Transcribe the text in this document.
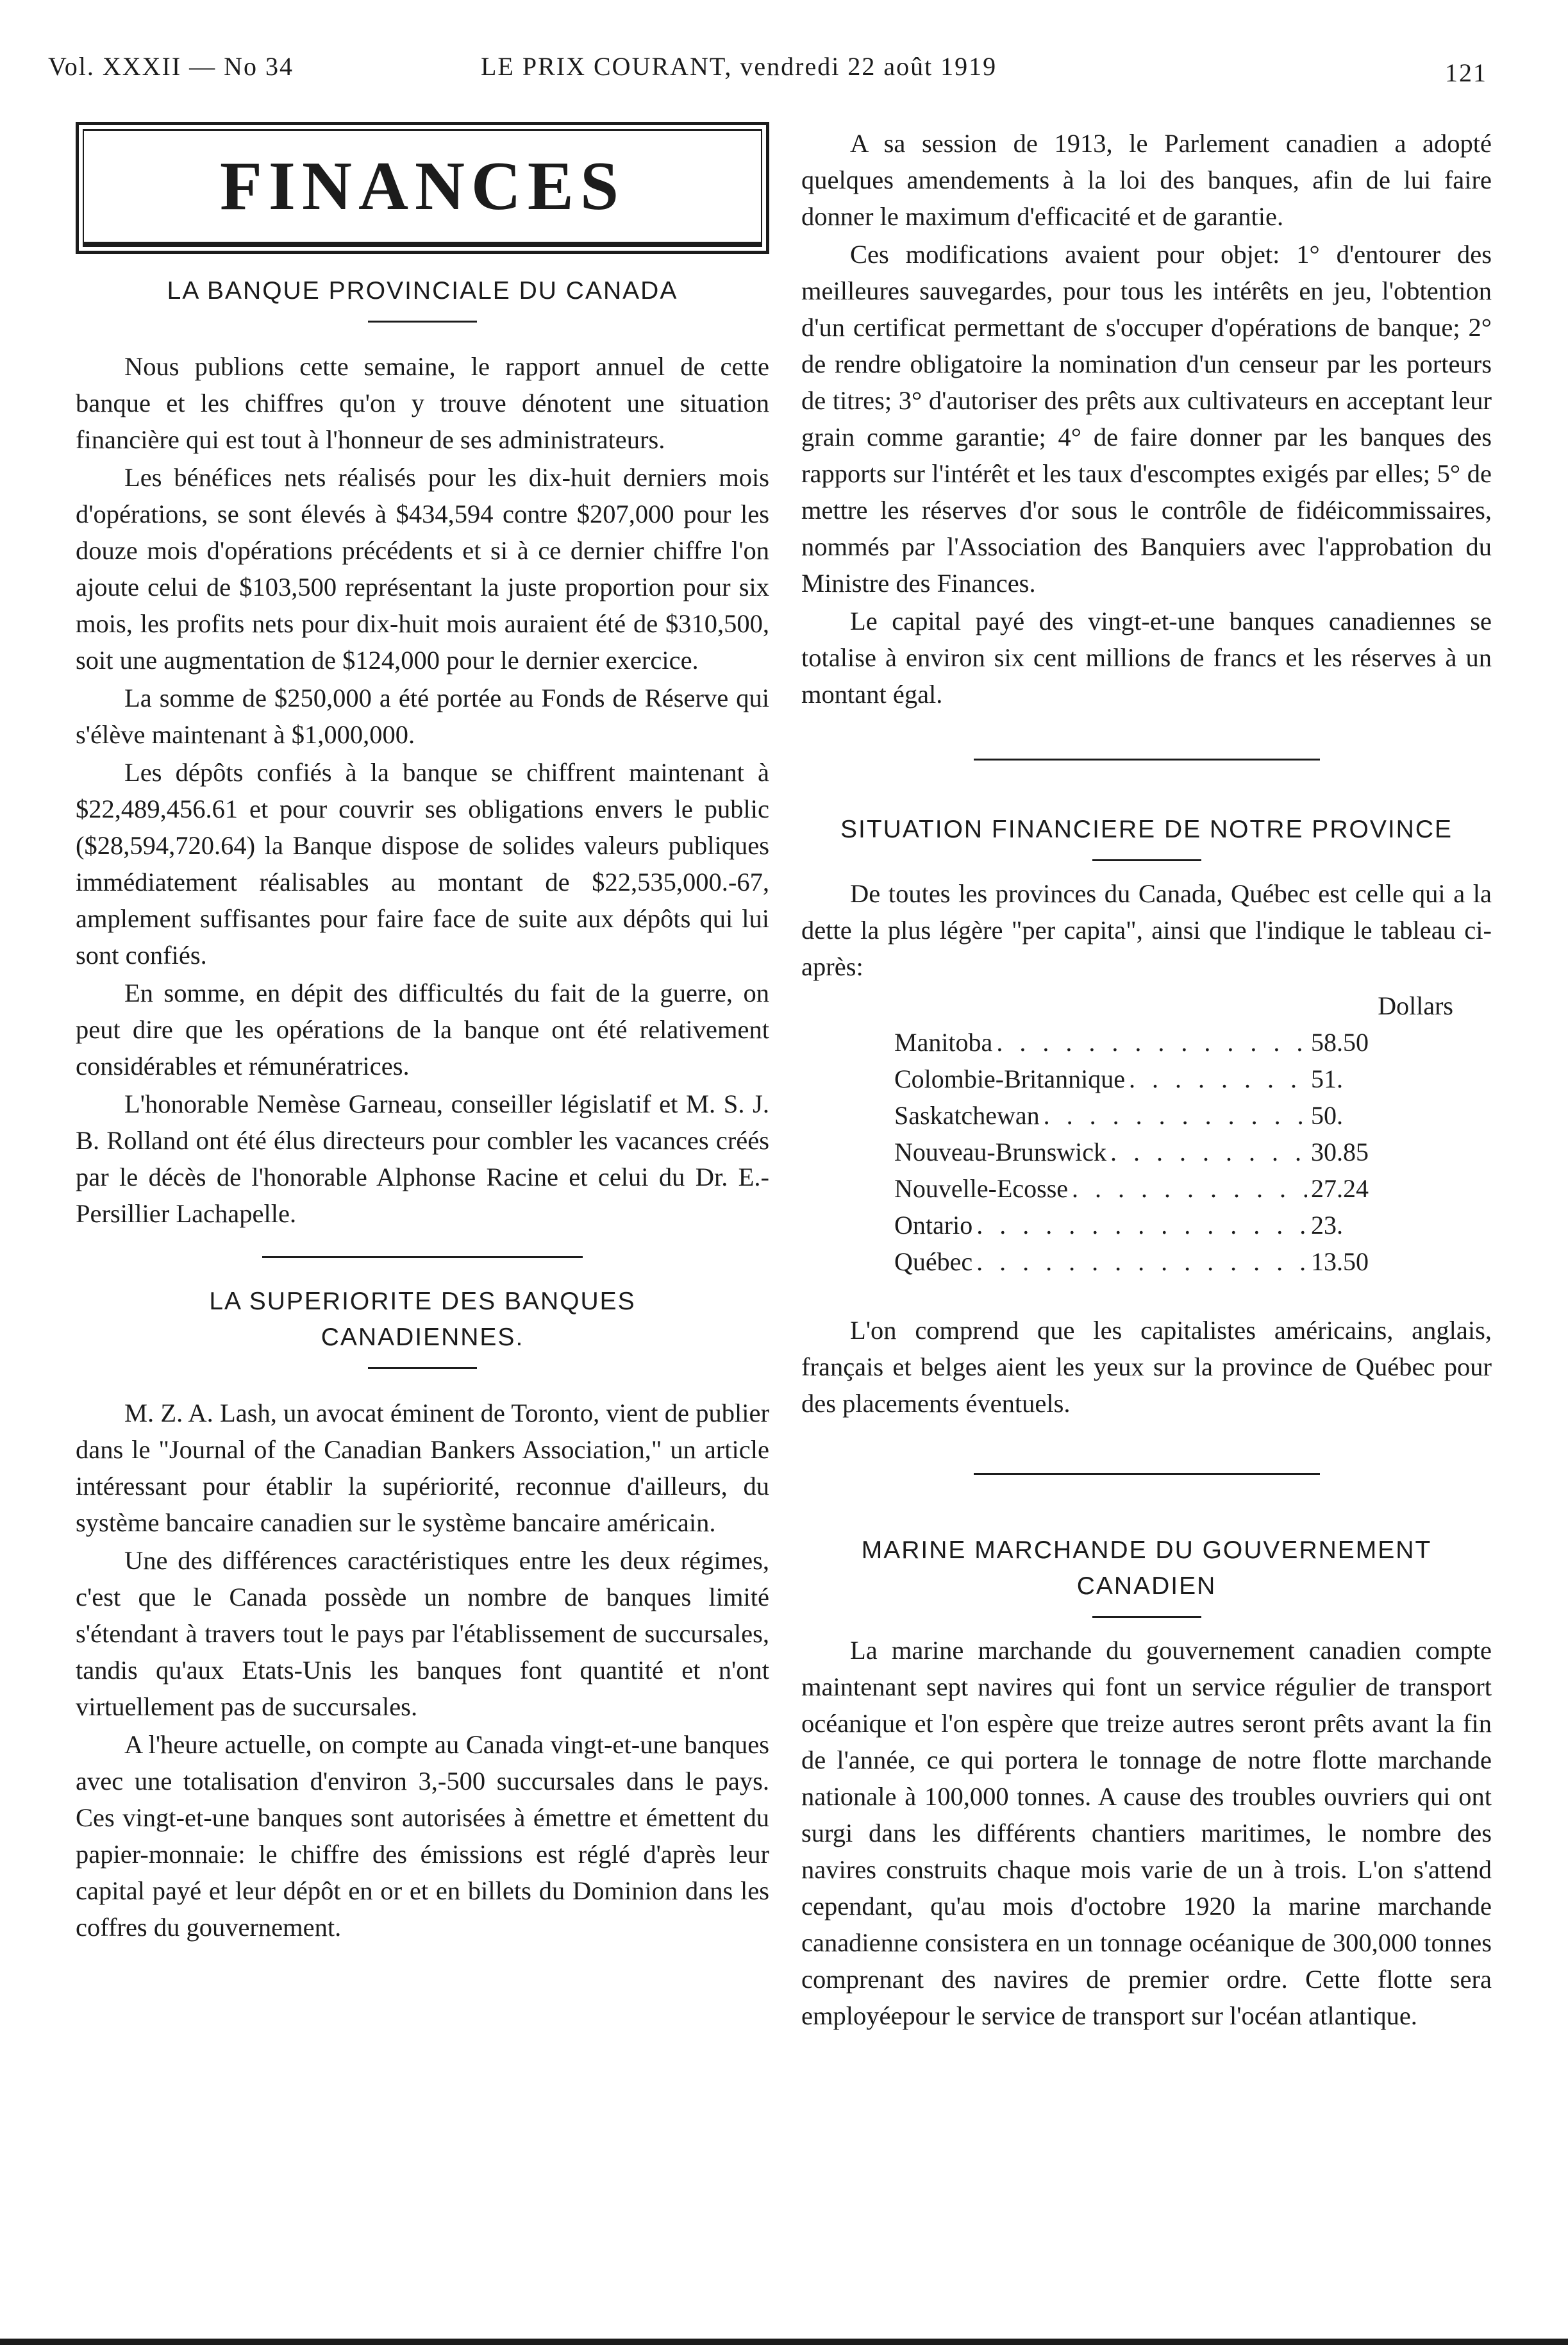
Vol. XXXII — No 34	LE PRIX COURANT, vendredi 22 août 1919	121
FINANCES
LA BANQUE PROVINCIALE DU CANADA

Nous publions cette semaine, le rapport annuel de cette banque et les chiffres qu'on y trouve dénotent une situation financière qui est tout à l'honneur de ses administrateurs.

Les bénéfices nets réalisés pour les dix-huit derniers mois d'opérations, se sont élevés à $434,594 contre $207,000 pour les douze mois d'opérations précédents et si à ce dernier chiffre l'on ajoute celui de $103,500 représentant la juste proportion pour six mois, les profits nets pour dix-huit mois auraient été de $310,500, soit une augmentation de $124,000 pour le dernier exercice.

La somme de $250,000 a été portée au Fonds de Réserve qui s'élève maintenant à $1,000,000.

Les dépôts confiés à la banque se chiffrent maintenant à $22,489,456.61 et pour couvrir ses obligations envers le public ($28,594,720.64) la Banque dispose de solides valeurs publiques immédiatement réalisables au montant de $22,535,000.-67, amplement suffisantes pour faire face de suite aux dépôts qui lui sont confiés.

En somme, en dépit des difficultés du fait de la guerre, on peut dire que les opérations de la banque ont été relativement considérables et rémunératrices.

L'honorable Nemèse Garneau, conseiller législatif et M. S. J. B. Rolland ont été élus directeurs pour combler les vacances créés par le décès de l'honorable Alphonse Racine et celui du Dr. E.-Persillier Lachapelle.

LA SUPERIORITE DES BANQUES CANADIENNES.

M. Z. A. Lash, un avocat éminent de Toronto, vient de publier dans le "Journal of the Canadian Bankers Association," un article intéressant pour établir la supériorité, reconnue d'ailleurs, du système bancaire canadien sur le système bancaire américain.

Une des différences caractéristiques entre les deux régimes, c'est que le Canada possède un nombre de banques limité s'étendant à travers tout le pays par l'établissement de succursales, tandis qu'aux Etats-Unis les banques font quantité et n'ont virtuellement pas de succursales.

A l'heure actuelle, on compte au Canada vingt-et-une banques avec une totalisation d'environ 3,-500 succursales dans le pays. Ces vingt-et-une banques sont autorisées à émettre et émettent du papier-monnaie: le chiffre des émissions est réglé d'après leur capital payé et leur dépôt en or et en billets du Dominion dans les coffres du gouvernement.

A sa session de 1913, le Parlement canadien a adopté quelques amendements à la loi des banques, afin de lui faire donner le maximum d'efficacité et de garantie.

Ces modifications avaient pour objet: 1° d'entourer des meilleures sauvegardes, pour tous les intérêts en jeu, l'obtention d'un certificat permettant de s'occuper d'opérations de banque; 2° de rendre obligatoire la nomination d'un censeur par les porteurs de titres; 3° d'autoriser des prêts aux cultivateurs en acceptant leur grain comme garantie; 4° de faire donner par les banques des rapports sur l'intérêt et les taux d'escomptes exigés par elles; 5° de mettre les réserves d'or sous le contrôle de fidéicommissaires, nommés par l'Association des Banquiers avec l'approbation du Ministre des Finances.

Le capital payé des vingt-et-une banques canadiennes se totalise à environ six cent millions de francs et les réserves à un montant égal.

SITUATION FINANCIERE DE NOTRE PROVINCE

De toutes les provinces du Canada, Québec est celle qui a la dette la plus légère "per capita", ainsi que l'indique le tableau ci-après:

Dollars
Manitoba . . .	58.50
Colombie-Britannique . . .	51.
Saskatchewan . . .	50.
Nouveau-Brunswick . . .	30.85
Nouvelle-Ecosse . . .	27.24
Ontario . . .	23.
Québec . . .	13.50

L'on comprend que les capitalistes américains, anglais, français et belges aient les yeux sur la province de Québec pour des placements éventuels.

MARINE MARCHANDE DU GOUVERNEMENT CANADIEN

La marine marchande du gouvernement canadien compte maintenant sept navires qui font un service régulier de transport océanique et l'on espère que treize autres seront prêts avant la fin de l'année, ce qui portera le tonnage de notre flotte marchande nationale à 100,000 tonnes. A cause des troubles ouvriers qui ont surgi dans les différents chantiers maritimes, le nombre des navires construits chaque mois varie de un à trois. L'on s'attend cependant, qu'au mois d'octobre 1920 la marine marchande canadienne consistera en un tonnage océanique de 300,000 tonnes comprenant des navires de premier ordre. Cette flotte sera employéepour le service de transport sur l'océan atlantique.
